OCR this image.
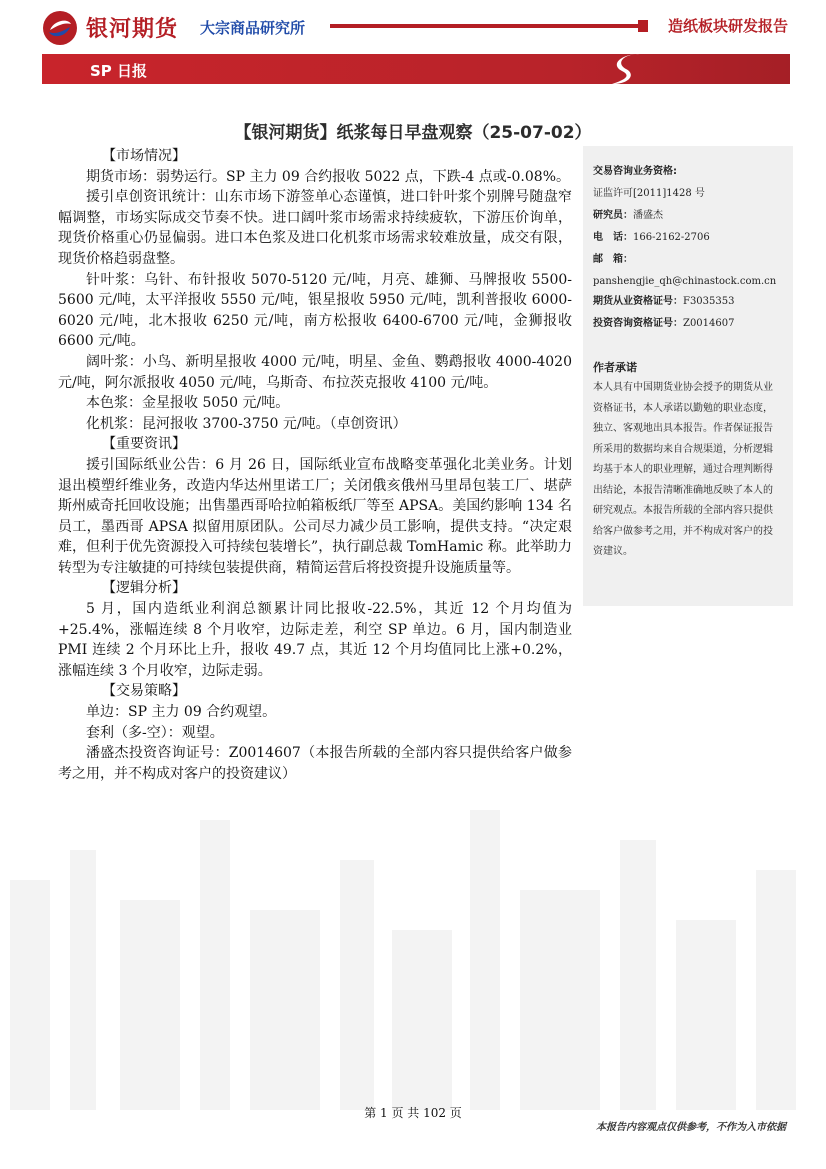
银河期货 大宗商品研究所	造纸板块研发报告
SP 日报
【银河期货】纸浆每日早盘观察（25-07-02）

【市场情况】

期货市场：弱势运行。SP 主力 09 合约报收 5022 点，下跌-4 点或-0.08%。

援引卓创资讯统计：山东市场下游签单心态谨慎，进口针叶浆个别牌号随盘窄幅调整，市场实际成交节奏不快。进口阔叶浆市场需求持续疲软，下游压价询单，现货价格重心仍显偏弱。进口本色浆及进口化机浆市场需求较难放量，成交有限，现货价格趋弱盘整。

针叶浆：乌针、布针报收 5070-5120 元/吨，月亮、雄狮、马牌报收 5500-5600 元/吨，太平洋报收 5550 元/吨，银星报收 5950 元/吨，凯利普报收 6000-6020 元/吨，北木报收 6250 元/吨，南方松报收 6400-6700 元/吨，金狮报收 6600 元/吨。

阔叶浆：小鸟、新明星报收 4000 元/吨，明星、金鱼、鹦鹉报收 4000-4020 元/吨，阿尔派报收 4050 元/吨，乌斯奇、布拉茨克报收 4100 元/吨。

本色浆：金星报收 5050 元/吨。

化机浆：昆河报收 3700-3750 元/吨。（卓创资讯）

【重要资讯】

援引国际纸业公告：6 月 26 日，国际纸业宣布战略变革强化北美业务。计划退出模塑纤维业务，改造内华达州里诺工厂；关闭俄亥俄州马里昂包装工厂、堪萨斯州威奇托回收设施；出售墨西哥哈拉帕箱板纸厂等至 APSA。美国约影响 134 名员工，墨西哥 APSA 拟留用原团队。公司尽力减少员工影响，提供支持。“决定艰难，但利于优先资源投入可持续包装增长”，执行副总裁 TomHamic 称。此举助力转型为专注敏捷的可持续包装提供商，精简运营后将投资提升设施质量等。

【逻辑分析】

5 月，国内造纸业利润总额累计同比报收-22.5%，其近 12 个月均值为+25.4%，涨幅连续 8 个月收窄，边际走差，利空 SP 单边。6 月，国内制造业 PMI 连续 2 个月环比上升，报收 49.7 点，其近 12 个月均值同比上涨+0.2%，涨幅连续 3 个月收窄，边际走弱。

【交易策略】

单边：SP 主力 09 合约观望。

套利（多-空）：观望。

潘盛杰投资咨询证号：Z0014607（本报告所载的全部内容只提供给客户做参考之用，并不构成对客户的投资建议）

交易咨询业务资格:
证监许可[2011]1428 号
研究员：潘盛杰
电　话：166-2162-2706
邮　箱：
panshengjie_qh@chinastock.com.cn
期货从业资格证号：F3035353
投资咨询资格证号：Z0014607
作者承诺
本人具有中国期货业协会授予的期货从业资格证书，本人承诺以勤勉的职业态度，独立、客观地出具本报告。作者保证报告所采用的数据均来自合规渠道，分析逻辑均基于本人的职业理解，通过合理判断得出结论，本报告清晰准确地反映了本人的研究观点。本报告所载的全部内容只提供给客户做参考之用，并不构成对客户的投资建议。
第 1 页 共 102 页
本报告内容观点仅供参考，不作为入市依据
